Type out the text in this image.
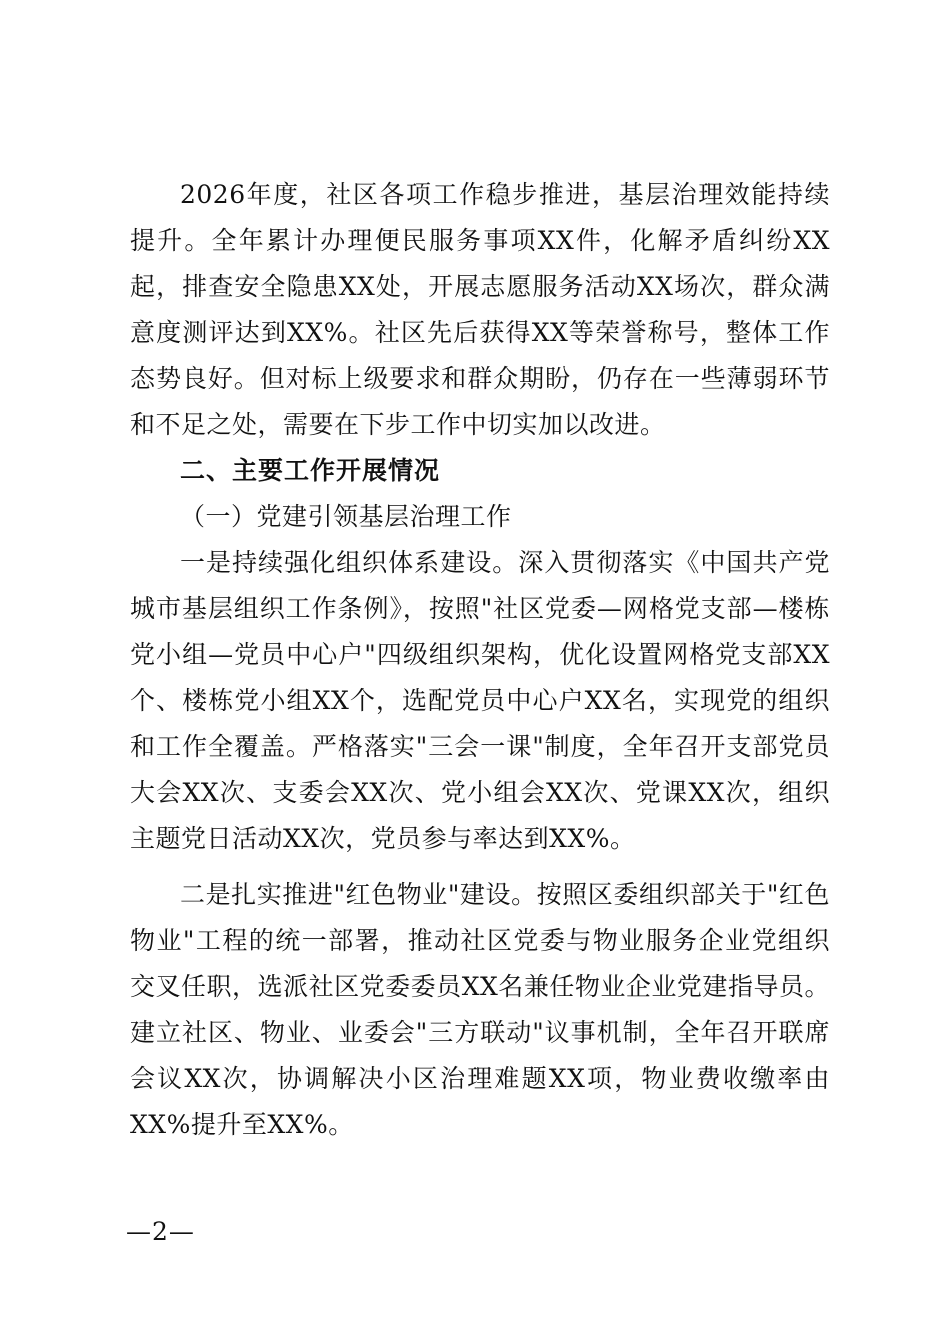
2026年度，社区各项工作稳步推进，基层治理效能持续提升。全年累计办理便民服务事项XX件，化解矛盾纠纷XX起，排查安全隐患XX处，开展志愿服务活动XX场次，群众满意度测评达到XX%。社区先后获得XX等荣誉称号，整体工作态势良好。但对标上级要求和群众期盼，仍存在一些薄弱环节和不足之处，需要在下步工作中切实加以改进。

二、主要工作开展情况

（一）党建引领基层治理工作

一是持续强化组织体系建设。深入贯彻落实《中国共产党城市基层组织工作条例》，按照"社区党委—网格党支部—楼栋党小组—党员中心户"四级组织架构，优化设置网格党支部XX个、楼栋党小组XX个，选配党员中心户XX名，实现党的组织和工作全覆盖。严格落实"三会一课"制度，全年召开支部党员大会XX次、支委会XX次、党小组会XX次、党课XX次，组织主题党日活动XX次，党员参与率达到XX%。

二是扎实推进"红色物业"建设。按照区委组织部关于"红色物业"工程的统一部署，推动社区党委与物业服务企业党组织交叉任职，选派社区党委委员XX名兼任物业企业党建指导员。建立社区、物业、业委会"三方联动"议事机制，全年召开联席会议XX次，协调解决小区治理难题XX项，物业费收缴率由XX%提升至XX%。

—2—
